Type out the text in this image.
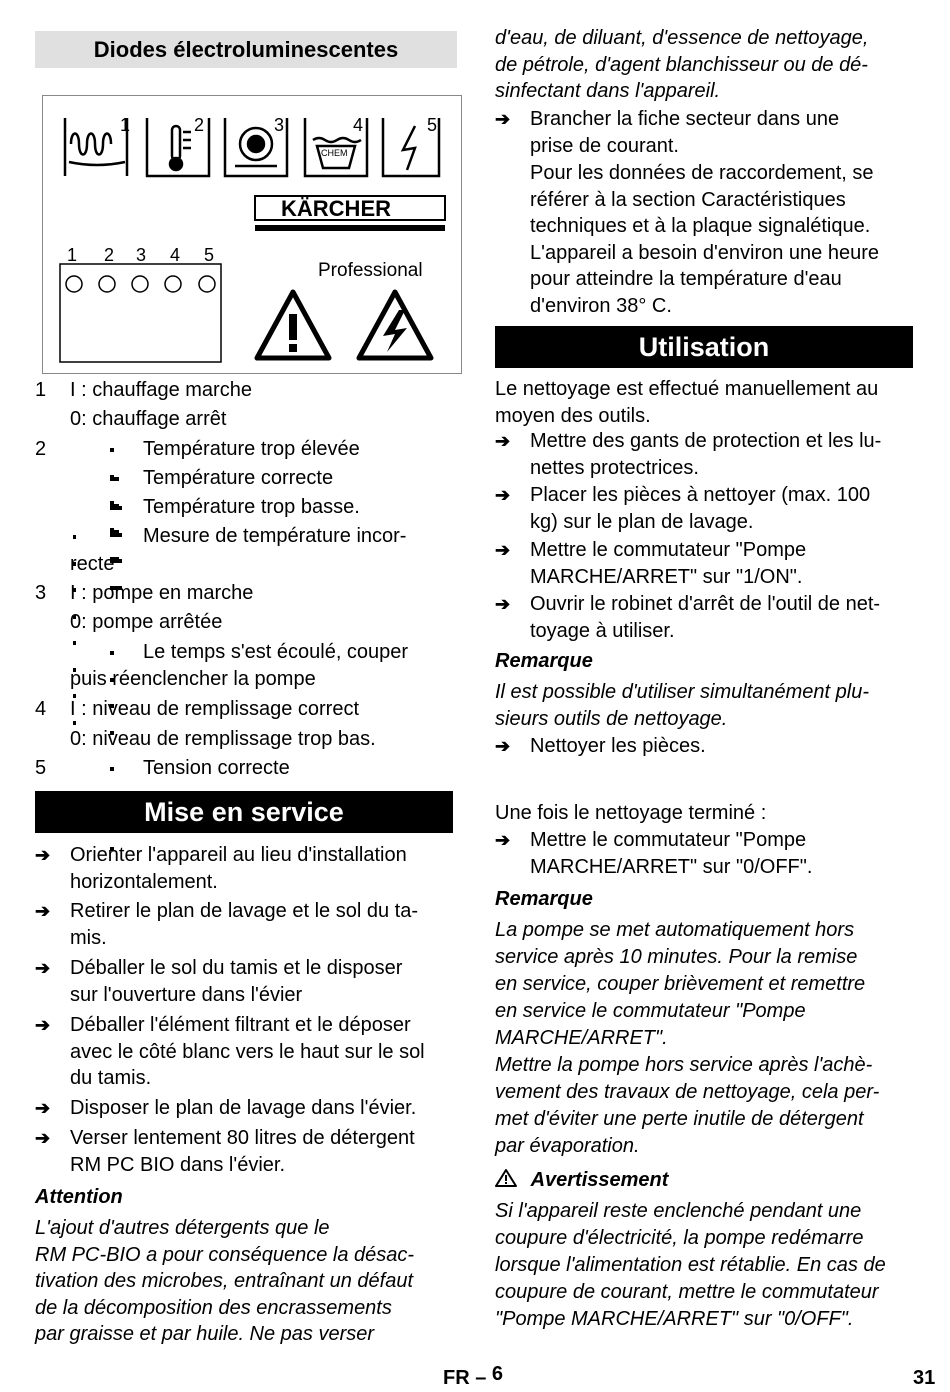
Diodes électroluminescentes
1	2	3	4	5
1 2 3 4 5
Professional
KÄRCHER
CHEM
1	I : chauffage marche
0: chauffage arrêt
2	Température trop élevée
Température correcte
Température trop basse.
Mesure de température incor-
recte
3	I : pompe en marche
0: pompe arrêtée
Le temps s'est écoulé, couper
puis réenclencher la pompe
4	I : niveau de remplissage correct
0: niveau de remplissage trop bas.
5	Tension correcte
Mise en service
➔ Orienter l'appareil au lieu d'installation
horizontalement.
➔ Retirer le plan de lavage et le sol du ta-
mis.
➔ Déballer le sol du tamis et le disposer
sur l'ouverture dans l'évier
➔ Déballer l'élément filtrant et le déposer
avec le côté blanc vers le haut sur le sol
du tamis.
➔ Disposer le plan de lavage dans l'évier.
➔ Verser lentement 80 litres de détergent
RM PC BIO dans l'évier.
Attention
L'ajout d'autres détergents que le
RM PC-BIO a pour conséquence la désac-
tivation des microbes, entraînant un défaut
de la décomposition des encrassements
par graisse et par huile. Ne pas verser
d'eau, de diluant, d'essence de nettoyage,
de pétrole, d'agent blanchisseur ou de dé-
sinfectant dans l'appareil.
➔ Brancher la fiche secteur dans une
prise de courant.
Pour les données de raccordement, se
référer à la section Caractéristiques
techniques et à la plaque signalétique.
L'appareil a besoin d'environ une heure
pour atteindre la température d'eau
d'environ 38° C.
Utilisation
Le nettoyage est effectué manuellement au
moyen des outils.
➔ Mettre des gants de protection et les lu-
nettes protectrices.
➔ Placer les pièces à nettoyer (max. 100
kg) sur le plan de lavage.
➔ Mettre le commutateur "Pompe
MARCHE/ARRET" sur "1/ON".
➔ Ouvrir le robinet d'arrêt de l'outil de net-
toyage à utiliser.
Remarque
Il est possible d'utiliser simultanément plu-
sieurs outils de nettoyage.
➔ Nettoyer les pièces.
Une fois le nettoyage terminé :
➔ Mettre le commutateur "Pompe
MARCHE/ARRET" sur "0/OFF".
Remarque
La pompe se met automatiquement hors
service après 10 minutes. Pour la remise
en service, couper brièvement et remettre
en service le commutateur "Pompe
MARCHE/ARRET".
Mettre la pompe hors service après l'achè-
vement des travaux de nettoyage, cela per-
met d'éviter une perte inutile de détergent
par évaporation.
Avertissement
Si l'appareil reste enclenché pendant une
coupure d'électricité, la pompe redémarre
lorsque l'alimentation est rétablie. En cas de
coupure de courant, mettre le commutateur
"Pompe MARCHE/ARRET" sur "0/OFF".
FR – 6	31
